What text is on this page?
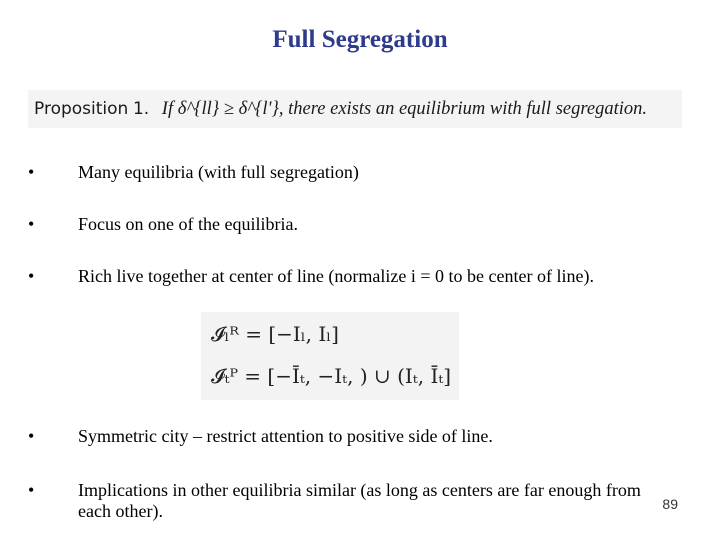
Full Segregation
Proposition 1. If δ^{ll} ≥ δ^{l'}, there exists an equilibrium with full segregation.
• Many equilibria (with full segregation)
• Focus on one of the equilibria.
• Rich live together at center of line (normalize i = 0 to be center of line).
𝓘ₗᴿ = [−Iₗ, Iₗ]
𝓘ₜᴾ = [−Īₜ, −Iₜ, ) ∪ (Iₜ, Īₜ]
• Symmetric city – restrict attention to positive side of line.
• Implications in other equilibria similar (as long as centers are far enough from each other).	89
